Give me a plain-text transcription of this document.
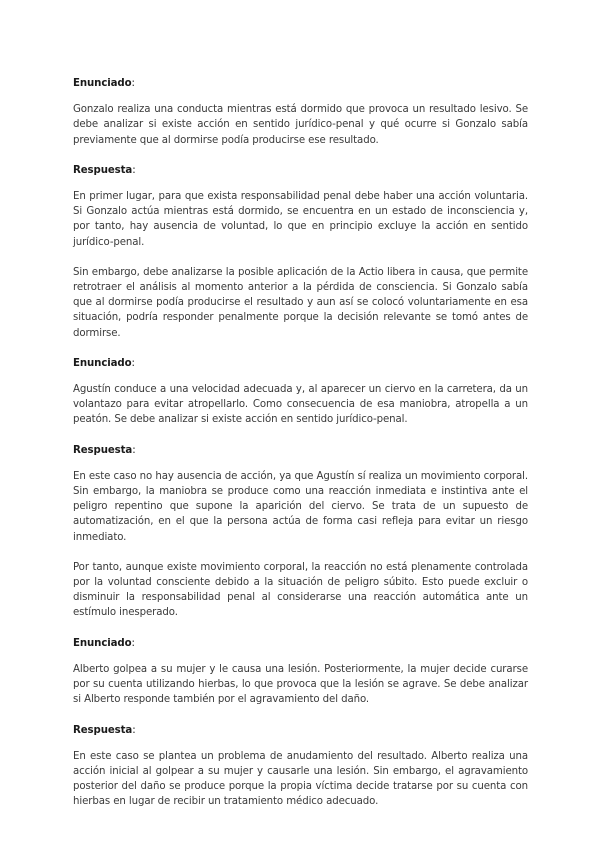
Enunciado:

Gonzalo realiza una conducta mientras está dormido que provoca un resultado lesivo. Se debe analizar si existe acción en sentido jurídico-penal y qué ocurre si Gonzalo sabía previamente que al dormirse podía producirse ese resultado.

Respuesta:

En primer lugar, para que exista responsabilidad penal debe haber una acción voluntaria. Si Gonzalo actúa mientras está dormido, se encuentra en un estado de inconsciencia y, por tanto, hay ausencia de voluntad, lo que en principio excluye la acción en sentido jurídico-penal.

Sin embargo, debe analizarse la posible aplicación de la Actio libera in causa, que permite retrotraer el análisis al momento anterior a la pérdida de consciencia. Si Gonzalo sabía que al dormirse podía producirse el resultado y aun así se colocó voluntariamente en esa situación, podría responder penalmente porque la decisión relevante se tomó antes de dormirse.

Enunciado:

Agustín conduce a una velocidad adecuada y, al aparecer un ciervo en la carretera, da un volantazo para evitar atropellarlo. Como consecuencia de esa maniobra, atropella a un peatón. Se debe analizar si existe acción en sentido jurídico-penal.

Respuesta:

En este caso no hay ausencia de acción, ya que Agustín sí realiza un movimiento corporal. Sin embargo, la maniobra se produce como una reacción inmediata e instintiva ante el peligro repentino que supone la aparición del ciervo. Se trata de un supuesto de automatización, en el que la persona actúa de forma casi refleja para evitar un riesgo inmediato.

Por tanto, aunque existe movimiento corporal, la reacción no está plenamente controlada por la voluntad consciente debido a la situación de peligro súbito. Esto puede excluir o disminuir la responsabilidad penal al considerarse una reacción automática ante un estímulo inesperado.

Enunciado:

Alberto golpea a su mujer y le causa una lesión. Posteriormente, la mujer decide curarse por su cuenta utilizando hierbas, lo que provoca que la lesión se agrave. Se debe analizar si Alberto responde también por el agravamiento del daño.

Respuesta:

En este caso se plantea un problema de anudamiento del resultado. Alberto realiza una acción inicial al golpear a su mujer y causarle una lesión. Sin embargo, el agravamiento posterior del daño se produce porque la propia víctima decide tratarse por su cuenta con hierbas en lugar de recibir un tratamiento médico adecuado.
